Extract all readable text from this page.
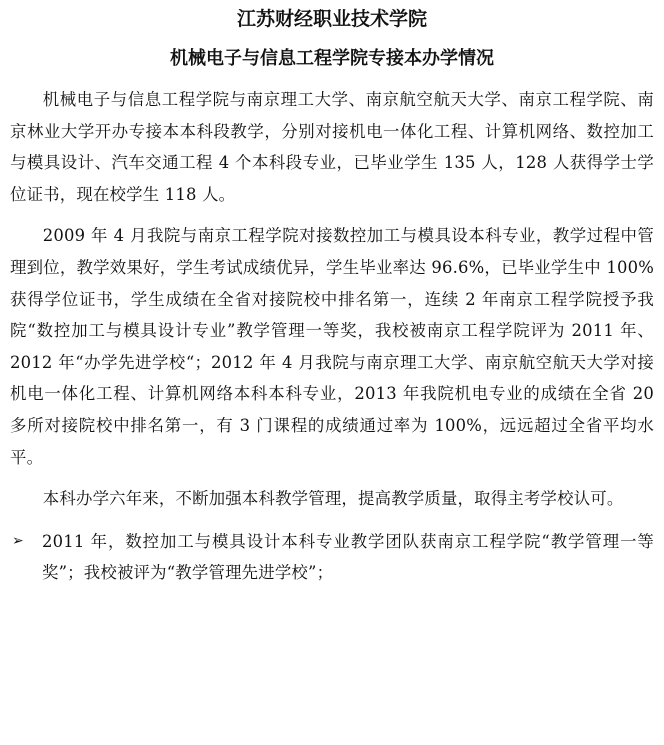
江苏财经职业技术学院
机械电子与信息工程学院专接本办学情况

机械电子与信息工程学院与南京理工大学、南京航空航天大学、南京工程学院、南京林业大学开办专接本本科段教学，分别对接机电一体化工程、计算机网络、数控加工与模具设计、汽车交通工程 4 个本科段专业，已毕业学生 135 人，128 人获得学士学位证书，现在校学生 118 人。

2009 年 4 月我院与南京工程学院对接数控加工与模具设本科专业，教学过程中管理到位，教学效果好，学生考试成绩优异，学生毕业率达 96.6%，已毕业学生中 100%获得学位证书，学生成绩在全省对接院校中排名第一，连续 2 年南京工程学院授予我院“数控加工与模具设计专业”教学管理一等奖，我校被南京工程学院评为 2011 年、2012 年“办学先进学校“；2012 年 4 月我院与南京理工大学、南京航空航天大学对接机电一体化工程、计算机网络本科本科专业，2013 年我院机电专业的成绩在全省 20 多所对接院校中排名第一，有 3 门课程的成绩通过率为 100%，远远超过全省平均水平。

本科办学六年来，不断加强本科教学管理，提高教学质量，取得主考学校认可。

➢ 2011 年，数控加工与模具设计本科专业教学团队获南京工程学院“教学管理一等奖”；我校被评为“教学管理先进学校”；
